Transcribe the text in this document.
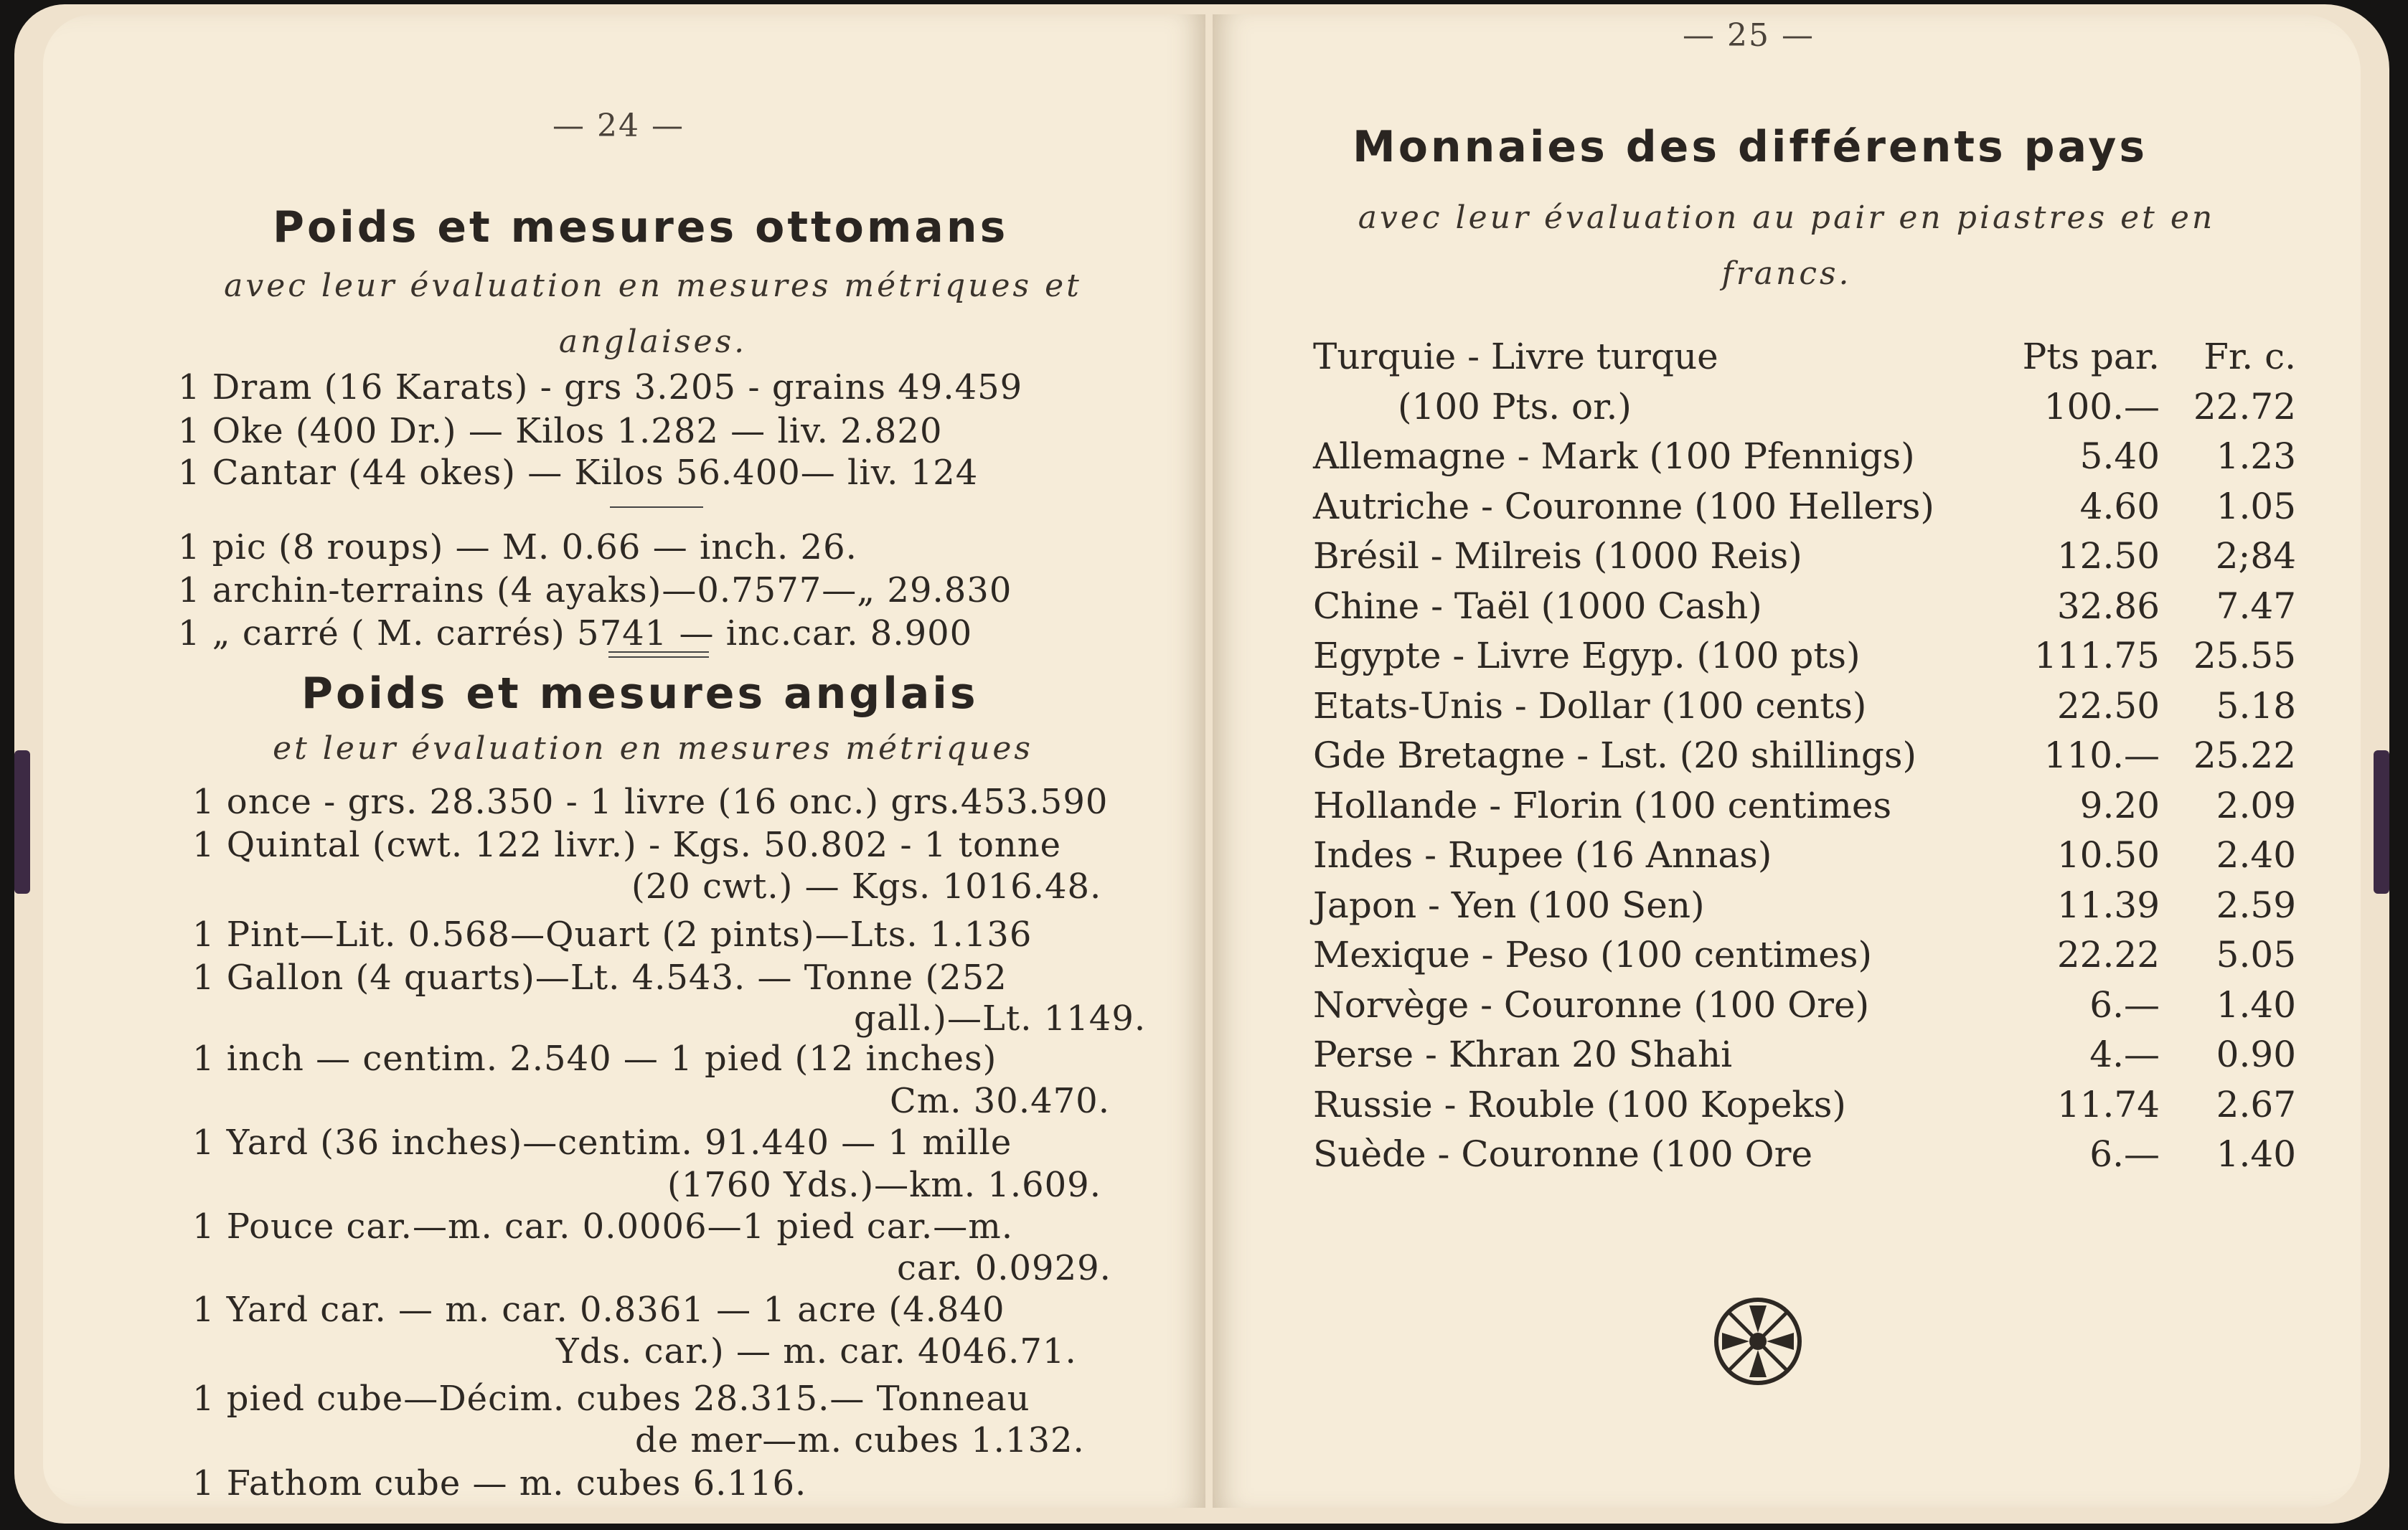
— 24 —
Poids et mesures ottomans
avec leur évaluation en mesures métriques et
anglaises.
1 Dram (16 Karats) - grs 3.205 - grains 49.459
1 Oke (400 Dr.) — Kilos 1.282 — liv. 2.820
1 Cantar (44 okes) — Kilos 56.400— liv. 124
1 pic (8 roups) — M. 0.66 — inch. 26.
1 archin-terrains (4 ayaks)—0.7577—„ 29.830
1 „ carré ( M. carrés) 5741 — inc.car. 8.900
Poids et mesures anglais
et leur évaluation en mesures métriques
1 once - grs. 28.350 - 1 livre (16 onc.) grs.453.590
1 Quintal (cwt. 122 livr.) - Kgs. 50.802 - 1 tonne
(20 cwt.) — Kgs. 1016.48.
1 Pint—Lit. 0.568—Quart (2 pints)—Lts. 1.136
1 Gallon (4 quarts)—Lt. 4.543. — Tonne (252
gall.)—Lt. 1149.
1 inch — centim. 2.540 — 1 pied (12 inches)
Cm. 30.470.
1 Yard (36 inches)—centim. 91.440 — 1 mille
(1760 Yds.)—km. 1.609.
1 Pouce car.—m. car. 0.0006—1 pied car.—m.
car. 0.0929.
1 Yard car. — m. car. 0.8361 — 1 acre (4.840
Yds. car.) — m. car. 4046.71.
1 pied cube—Décim. cubes 28.315.— Tonneau
de mer—m. cubes 1.132.
1 Fathom cube — m. cubes 6.116.
— 25 —
Monnaies des différents pays
avec leur évaluation au pair en piastres et en
francs.
Turquie - Livre turque	Pts par. Fr. c.
(100 Pts. or.)	100.— 22.72
Allemagne - Mark (100 Pfennigs)	5.40 1.23
Autriche - Couronne (100 Hellers)	4.60 1.05
Brésil - Milreis (1000 Reis)	12.50 2;84
Chine - Taël (1000 Cash)	32.86 7.47
Egypte - Livre Egyp. (100 pts)	111.75 25.55
Etats-Unis - Dollar (100 cents)	22.50 5.18
Gde Bretagne - Lst. (20 shillings)	110.— 25.22
Hollande - Florin (100 centimes	9.20 2.09
Indes - Rupee (16 Annas)	10.50 2.40
Japon - Yen (100 Sen)	11.39 2.59
Mexique - Peso (100 centimes)	22.22 5.05
Norvège - Couronne (100 Ore)	6.— 1.40
Perse - Khran 20 Shahi	4.— 0.90
Russie - Rouble (100 Kopeks)	11.74 2.67
Suède - Couronne (100 Ore	6.— 1.40
